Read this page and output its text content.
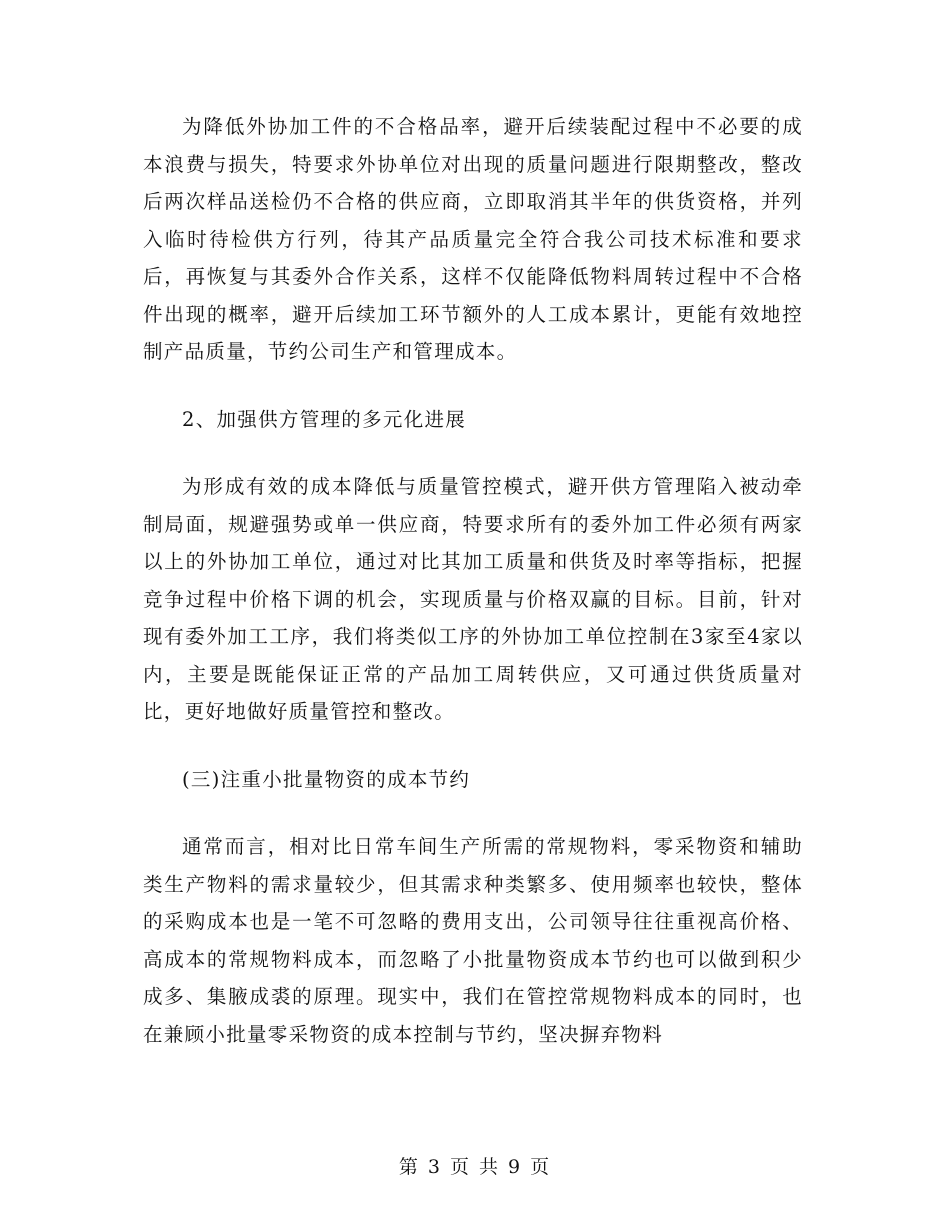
为降低外协加工件的不合格品率，避开后续装配过程中不必要的成本浪费与损失，特要求外协单位对出现的质量问题进行限期整改，整改后两次样品送检仍不合格的供应商，立即取消其半年的供货资格，并列入临时待检供方行列，待其产品质量完全符合我公司技术标准和要求后，再恢复与其委外合作关系，这样不仅能降低物料周转过程中不合格件出现的概率，避开后续加工环节额外的人工成本累计，更能有效地控制产品质量，节约公司生产和管理成本。

2、加强供方管理的多元化进展

为形成有效的成本降低与质量管控模式，避开供方管理陷入被动牵制局面，规避强势或单一供应商，特要求所有的委外加工件必须有两家以上的外协加工单位，通过对比其加工质量和供货及时率等指标，把握竞争过程中价格下调的机会，实现质量与价格双赢的目标。目前，针对现有委外加工工序，我们将类似工序的外协加工单位控制在3家至4家以内，主要是既能保证正常的产品加工周转供应，又可通过供货质量对比，更好地做好质量管控和整改。

(三)注重小批量物资的成本节约

通常而言，相对比日常车间生产所需的常规物料，零采物资和辅助类生产物料的需求量较少，但其需求种类繁多、使用频率也较快，整体的采购成本也是一笔不可忽略的费用支出，公司领导往往重视高价格、高成本的常规物料成本，而忽略了小批量物资成本节约也可以做到积少成多、集腋成裘的原理。现实中，我们在管控常规物料成本的同时，也在兼顾小批量零采物资的成本控制与节约，坚决摒弃物料

第 3 页 共 9 页
